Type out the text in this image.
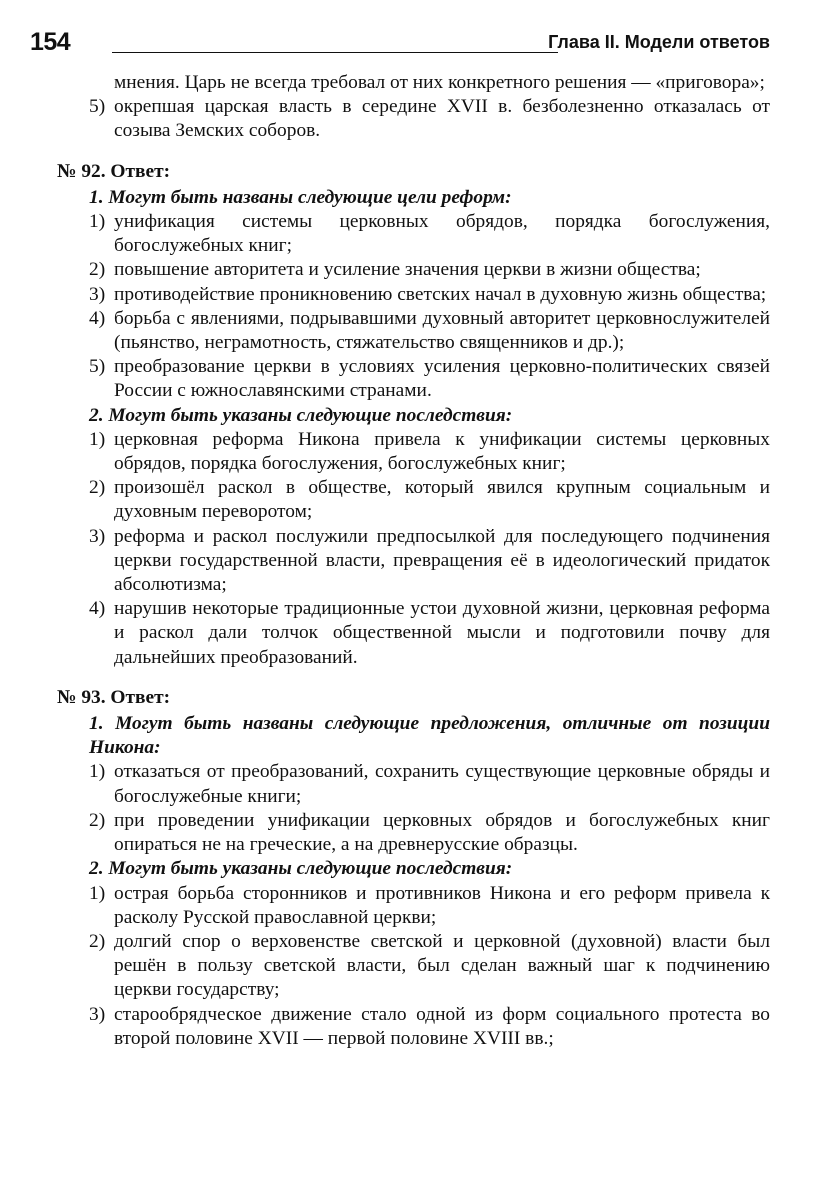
154	Глава II. Модели ответов

мнения. Царь не всегда требовал от них конкретного решения — «приговора»;

5) окрепшая царская власть в середине XVII в. безболезненно отказалась от созыва Земских соборов.
№ 92. Ответ:
1. Могут быть названы следующие цели реформ:
1) унификация системы церковных обрядов, порядка богослужения, богослужебных книг;
2) повышение авторитета и усиление значения церкви в жизни общества;
3) противодействие проникновению светских начал в духовную жизнь общества;
4) борьба с явлениями, подрывавшими духовный авторитет церковнослужителей (пьянство, неграмотность, стяжательство священников и др.);
5) преобразование церкви в условиях усиления церковно-политических связей России с южнославянскими странами.
2. Могут быть указаны следующие последствия:
1) церковная реформа Никона привела к унификации системы церковных обрядов, порядка богослужения, богослужебных книг;
2) произошёл раскол в обществе, который явился крупным социальным и духовным переворотом;
3) реформа и раскол послужили предпосылкой для последующего подчинения церкви государственной власти, превращения её в идеологический придаток абсолютизма;
4) нарушив некоторые традиционные устои духовной жизни, церковная реформа и раскол дали толчок общественной мысли и подготовили почву для дальнейших преобразований.
№ 93. Ответ:
1. Могут быть названы следующие предложения, отличные от позиции Никона:
1) отказаться от преобразований, сохранить существующие церковные обряды и богослужебные книги;
2) при проведении унификации церковных обрядов и богослужебных книг опираться не на греческие, а на древнерусские образцы.
2. Могут быть указаны следующие последствия:
1) острая борьба сторонников и противников Никона и его реформ привела к расколу Русской православной церкви;
2) долгий спор о верховенстве светской и церковной (духовной) власти был решён в пользу светской власти, был сделан важный шаг к подчинению церкви государству;
3) старообрядческое движение стало одной из форм социального протеста во второй половине XVII — первой половине XVIII вв.;
